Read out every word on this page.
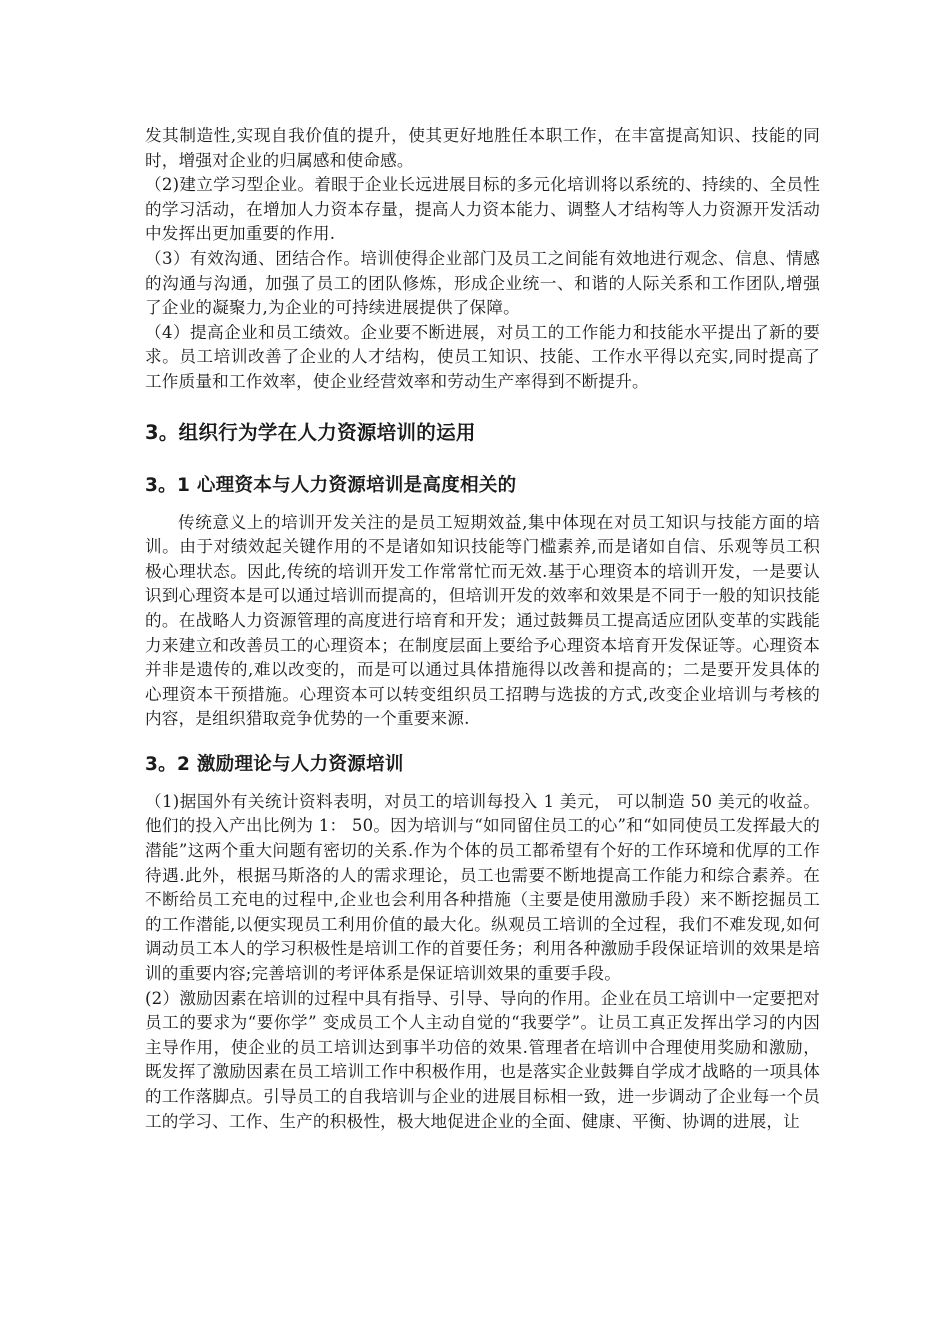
发其制造性,实现自我价值的提升，使其更好地胜任本职工作，在丰富提高知识、技能的同时，增强对企业的归属感和使命感。

（2)建立学习型企业。着眼于企业长远进展目标的多元化培训将以系统的、持续的、全员性的学习活动，在增加人力资本存量，提高人力资本能力、调整人才结构等人力资源开发活动中发挥出更加重要的作用.

（3）有效沟通、团结合作。培训使得企业部门及员工之间能有效地进行观念、信息、情感的沟通与沟通，加强了员工的团队修炼，形成企业统一、和谐的人际关系和工作团队,增强了企业的凝聚力,为企业的可持续进展提供了保障。

（4）提高企业和员工绩效。企业要不断进展，对员工的工作能力和技能水平提出了新的要求。员工培训改善了企业的人才结构，使员工知识、技能、工作水平得以充实,同时提高了工作质量和工作效率，使企业经营效率和劳动生产率得到不断提升。

3。组织行为学在人力资源培训的运用
3。1 心理资本与人力资源培训是高度相关的

传统意义上的培训开发关注的是员工短期效益,集中体现在对员工知识与技能方面的培训。由于对绩效起关键作用的不是诸如知识技能等门槛素养,而是诸如自信、乐观等员工积极心理状态。因此,传统的培训开发工作常常忙而无效.基于心理资本的培训开发，一是要认识到心理资本是可以通过培训而提高的，但培训开发的效率和效果是不同于一般的知识技能的。在战略人力资源管理的高度进行培育和开发；通过鼓舞员工提高适应团队变革的实践能力来建立和改善员工的心理资本；在制度层面上要给予心理资本培育开发保证等。心理资本并非是遗传的,难以改变的，而是可以通过具体措施得以改善和提高的；二是要开发具体的心理资本干预措施。心理资本可以转变组织员工招聘与选拔的方式,改变企业培训与考核的内容，是组织猎取竞争优势的一个重要来源.

3。2 激励理论与人力资源培训

（1)据国外有关统计资料表明，对员工的培训每投入 1 美元， 可以制造 50 美元的收益。他们的投入产出比例为 1： 50。因为培训与“如同留住员工的心”和“如同使员工发挥最大的潜能”这两个重大问题有密切的关系.作为个体的员工都希望有个好的工作环境和优厚的工作待遇.此外，根据马斯洛的人的需求理论，员工也需要不断地提高工作能力和综合素养。在不断给员工充电的过程中,企业也会利用各种措施（主要是使用激励手段）来不断挖掘员工的工作潜能,以便实现员工利用价值的最大化。纵观员工培训的全过程，我们不难发现,如何调动员工本人的学习积极性是培训工作的首要任务；利用各种激励手段保证培训的效果是培训的重要内容;完善培训的考评体系是保证培训效果的重要手段。

(2）激励因素在培训的过程中具有指导、引导、导向的作用。企业在员工培训中一定要把对员工的要求为“要你学” 变成员工个人主动自觉的“我要学”。让员工真正发挥出学习的内因主导作用，使企业的员工培训达到事半功倍的效果.管理者在培训中合理使用奖励和激励，既发挥了激励因素在员工培训工作中积极作用，也是落实企业鼓舞自学成才战略的一项具体的工作落脚点。引导员工的自我培训与企业的进展目标相一致，进一步调动了企业每一个员工的学习、工作、生产的积极性，极大地促进企业的全面、健康、平衡、协调的进展，让
